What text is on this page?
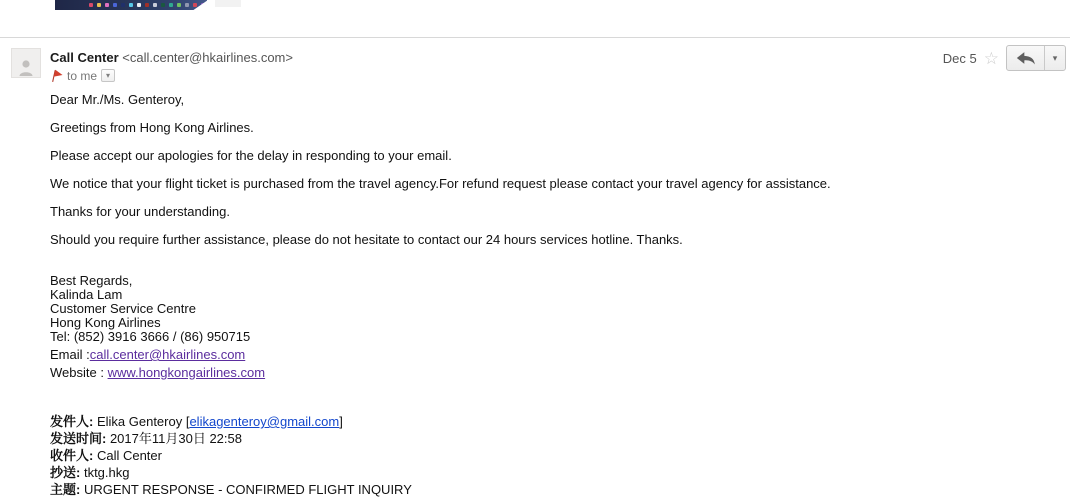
Call Center <call.center@hkairlines.com>
to me	▾
Dec 5 ☆	▾
Dear Mr./Ms. Genteroy,
Greetings from Hong Kong Airlines.
Please accept our apologies for the delay in responding to your email.
We notice that your flight ticket is purchased from the travel agency.For refund request please contact your travel agency for assistance.
Thanks for your understanding.
Should you require further assistance, please do not hesitate to contact our 24 hours services hotline. Thanks.
Best Regards,
Kalinda Lam
Customer Service Centre
Hong Kong Airlines
Tel: (852) 3916 3666 / (86) 950715
Email :call.center@hkairlines.com
Website : www.hongkongairlines.com
发件人: Elika Genteroy [elikagenteroy@gmail.com]
发送时间: 2017年11月30日 22:58
收件人: Call Center
抄送: tktg.hkg
主题: URGENT RESPONSE - CONFIRMED FLIGHT INQUIRY
